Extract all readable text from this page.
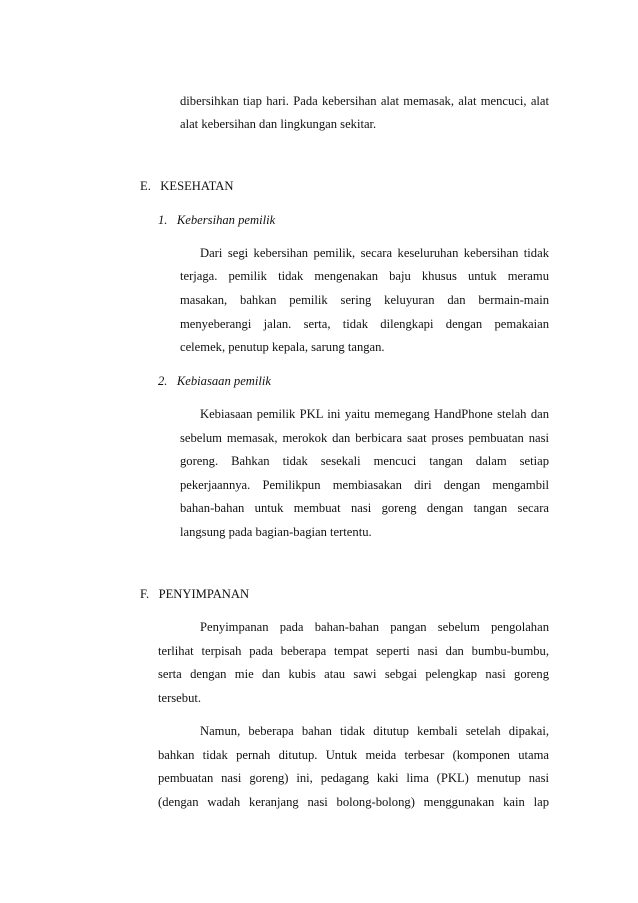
dibersihkan tiap hari. Pada kebersihan alat memasak, alat mencuci, alat
alat kebersihan dan lingkungan sekitar.
E.   KESEHATAN
1.   Kebersihan pemilik
Dari segi kebersihan pemilik, secara keseluruhan kebersihan tidak
terjaga. pemilik tidak mengenakan baju khusus untuk meramu
masakan, bahkan pemilik sering keluyuran dan bermain-main
menyeberangi jalan. serta, tidak dilengkapi dengan pemakaian
celemek, penutup kepala, sarung tangan.
2.   Kebiasaan pemilik
Kebiasaan pemilik PKL ini yaitu memegang HandPhone stelah dan
sebelum memasak, merokok dan berbicara saat proses pembuatan nasi
goreng. Bahkan tidak sesekali mencuci tangan dalam setiap
pekerjaannya. Pemilikpun membiasakan diri dengan mengambil
bahan-bahan untuk membuat nasi goreng dengan tangan secara
langsung pada bagian-bagian tertentu.
F.   PENYIMPANAN
Penyimpanan pada bahan-bahan pangan sebelum pengolahan
terlihat terpisah pada beberapa tempat seperti nasi dan bumbu-bumbu,
serta dengan mie dan kubis atau sawi sebgai pelengkap nasi goreng
tersebut.
Namun, beberapa bahan tidak ditutup kembali setelah dipakai,
bahkan tidak pernah ditutup. Untuk meida terbesar (komponen utama
pembuatan nasi goreng) ini, pedagang kaki lima (PKL) menutup nasi
(dengan wadah keranjang nasi bolong-bolong) menggunakan kain lap
